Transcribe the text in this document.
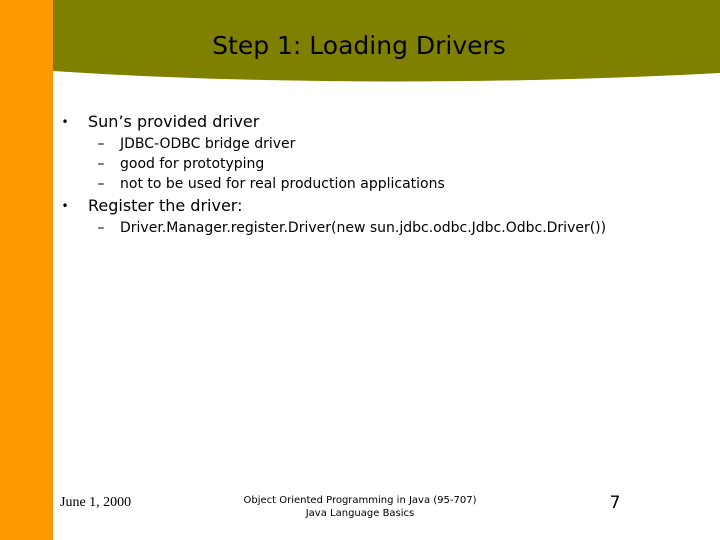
Step 1: Loading Drivers
• Sun’s provided driver
– JDBC-ODBC bridge driver
– good for prototyping
– not to be used for real production applications
• Register the driver:
– Driver.Manager.register.Driver(new sun.jdbc.odbc.Jdbc.Odbc.Driver())
June 1, 2000	Object Oriented Programming in Java (95-707)
Java Language Basics
7
